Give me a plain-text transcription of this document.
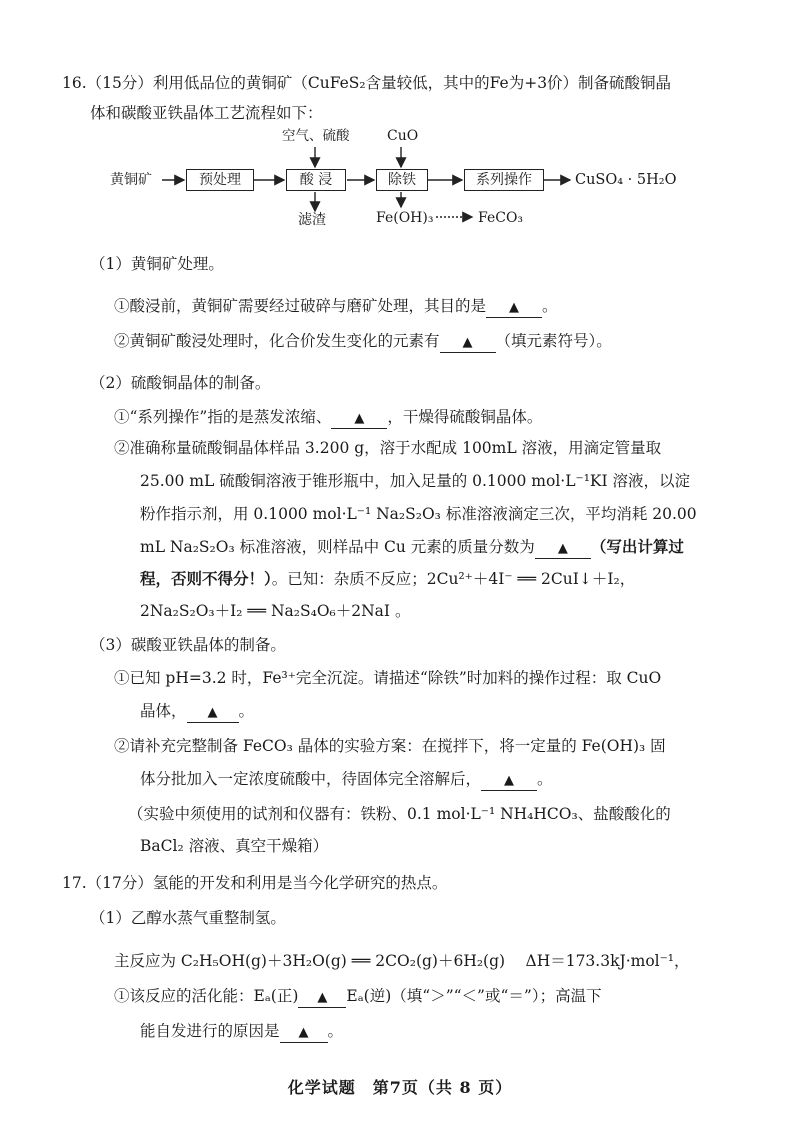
16.（15分）利用低品位的黄铜矿（CuFeS₂含量较低，其中的Fe为+3价）制备硫酸铜晶
体和碳酸亚铁晶体工艺流程如下：
黄铜矿	预处理	酸 浸	除铁	系列操作	CuSO₄ · 5H₂O
空气、硫酸	CuO
滤渣	Fe(OH)₃	FeCO₃
（1）黄铜矿处理。
①酸浸前，黄铜矿需要经过破碎与磨矿处理，其目的是 ▲ 。
②黄铜矿酸浸处理时，化合价发生变化的元素有 ▲ （填元素符号）。
（2）硫酸铜晶体的制备。
①“系列操作”指的是蒸发浓缩、 ▲ ，干燥得硫酸铜晶体。
②准确称量硫酸铜晶体样品 3.200 g，溶于水配成 100mL 溶液，用滴定管量取
25.00 mL 硫酸铜溶液于锥形瓶中，加入足量的 0.1000 mol·L⁻¹KI 溶液，以淀
粉作指示剂，用 0.1000 mol·L⁻¹ Na₂S₂O₃ 标准溶液滴定三次，平均消耗 20.00
mL Na₂S₂O₃ 标准溶液，则样品中 Cu 元素的质量分数为 ▲ （写出计算过
程，否则不得分！）。已知：杂质不反应；2Cu²⁺＋4I⁻ ══ 2CuI↓＋I₂，
2Na₂S₂O₃＋I₂ ══ Na₂S₄O₆＋2NaI 。
（3）碳酸亚铁晶体的制备。
①已知 pH=3.2 时，Fe³⁺完全沉淀。请描述“除铁”时加料的操作过程：取 CuO
晶体， ▲ 。
②请补充完整制备 FeCO₃ 晶体的实验方案：在搅拌下，将一定量的 Fe(OH)₃ 固
体分批加入一定浓度硫酸中，待固体完全溶解后， ▲ 。
（实验中须使用的试剂和仪器有：铁粉、0.1 mol·L⁻¹ NH₄HCO₃、盐酸酸化的
BaCl₂ 溶液、真空干燥箱）
17.（17分）氢能的开发和利用是当今化学研究的热点。
（1）乙醇水蒸气重整制氢。
主反应为 C₂H₅OH(g)＋3H₂O(g) ══ 2CO₂(g)＋6H₂(g)　 ΔH＝173.3kJ·mol⁻¹，
①该反应的活化能：Eₐ(正) ▲ Eₐ(逆)（填“＞”“＜”或“＝”）；高温下
能自发进行的原因是 ▲ 。
化学试题　第7页（共 8 页）
